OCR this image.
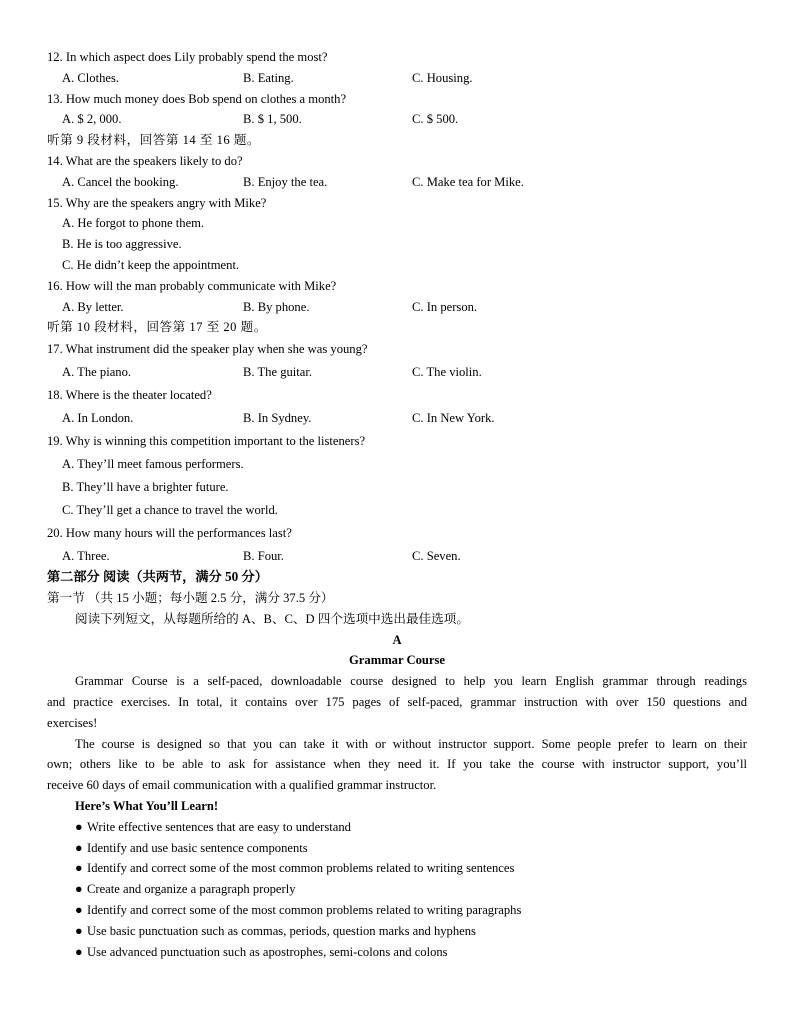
12. In which aspect does Lily probably spend the most?
A. Clothes.	B. Eating.	C. Housing.
13. How much money does Bob spend on clothes a month?
A. $ 2, 000.	B. $ 1, 500.	C. $ 500.
听第 9 段材料，回答第 14 至 16 题。
14. What are the speakers likely to do?
A. Cancel the booking.	B. Enjoy the tea.	C. Make tea for Mike.
15. Why are the speakers angry with Mike?
A. He forgot to phone them.
B. He is too aggressive.
C. He didn’t keep the appointment.
16. How will the man probably communicate with Mike?
A. By letter.	B. By phone.	C. In person.
听第 10 段材料，回答第 17 至 20 题。
17. What instrument did the speaker play when she was young?
A. The piano.	B. The guitar.	C. The violin.
18. Where is the theater located?
A. In London.	B. In Sydney.	C. In New York.
19. Why is winning this competition important to the listeners?
A. They’ll meet famous performers.
B. They’ll have a brighter future.
C. They’ll get a chance to travel the world.
20. How many hours will the performances last?
A. Three.	B. Four.	C. Seven.
第二部分 阅读（共两节，满分 50 分）
第一节 （共 15 小题；每小题 2.5 分，满分 37.5 分）
阅读下列短文，从每题所给的 A、B、C、D 四个选项中选出最佳选项。
A
Grammar Course
Grammar Course is a self-paced, downloadable course designed to help you learn English grammar through readings
and practice exercises. In total, it contains over 175 pages of self-paced, grammar instruction with over 150 questions and
exercises!
The course is designed so that you can take it with or without instructor support. Some people prefer to learn on their
own; others like to be able to ask for assistance when they need it. If you take the course with instructor support, you’ll
receive 60 days of email communication with a qualified grammar instructor.
Here’s What You’ll Learn!
● Write effective sentences that are easy to understand
● Identify and use basic sentence components
● Identify and correct some of the most common problems related to writing sentences
● Create and organize a paragraph properly
● Identify and correct some of the most common problems related to writing paragraphs
● Use basic punctuation such as commas, periods, question marks and hyphens
● Use advanced punctuation such as apostrophes, semi-colons and colons
